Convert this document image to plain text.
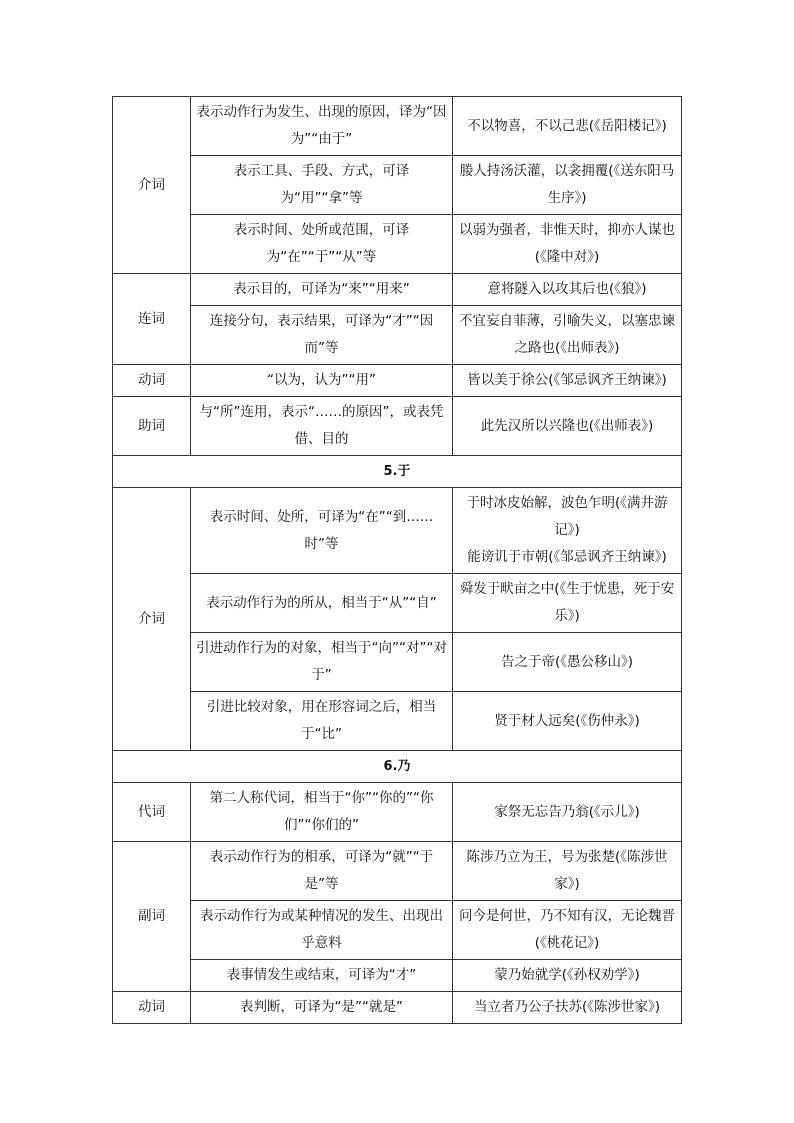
介词	表示动作行为发生、出现的原因，译为“因为”“由于”	不以物喜，不以己悲(《岳阳楼记》)

	表示工具、手段、方式，可译为“用”“拿”等	媵人持汤沃灌，以衾拥覆(《送东阳马生序》)

	表示时间、处所或范围，可译为“在”“于”“从”等	以弱为强者，非惟天时，抑亦人谋也(《隆中对》)

连词	表示目的，可译为“来”“用来”	意将隧入以攻其后也(《狼》)

	连接分句，表示结果，可译为“才”“因而”等	不宜妄自菲薄，引喻失义，以塞忠谏之路也(《出师表》)

动词	“以为，认为”“用”	皆以美于徐公(《邹忌讽齐王纳谏》)

助词	与“所”连用，表示“……的原因”，或表凭借、目的	此先汉所以兴隆也(《出师表》)

5.于		
介词	表示时间、处所，可译为“在”“到……时”等	于时冰皮始解，波色乍明(《满井游记》)
能谤讥于市朝(《邹忌讽齐王纳谏》)

	表示动作行为的所从，相当于“从”“自”	舜发于畎亩之中(《生于忧患，死于安乐》)

	引进动作行为的对象，相当于“向”“对”“对于”	告之于帝(《愚公移山》)

	引进比较对象，用在形容词之后，相当于“比”	贤于材人远矣(《伤仲永》)

6.乃		
代词	第二人称代词，相当于“你”“你的”“你们”“你们的”	家祭无忘告乃翁(《示儿》)

副词	表示动作行为的相承，可译为“就”“于是”等	陈涉乃立为王，号为张楚(《陈涉世家》)

	表示动作行为或某种情况的发生、出现出乎意料	问今是何世，乃不知有汉，无论魏晋(《桃花记》)

	表事情发生或结束，可译为“才”	蒙乃始就学(《孙权劝学》)

动词	表判断，可译为“是”“就是”	当立者乃公子扶苏(《陈涉世家》)
